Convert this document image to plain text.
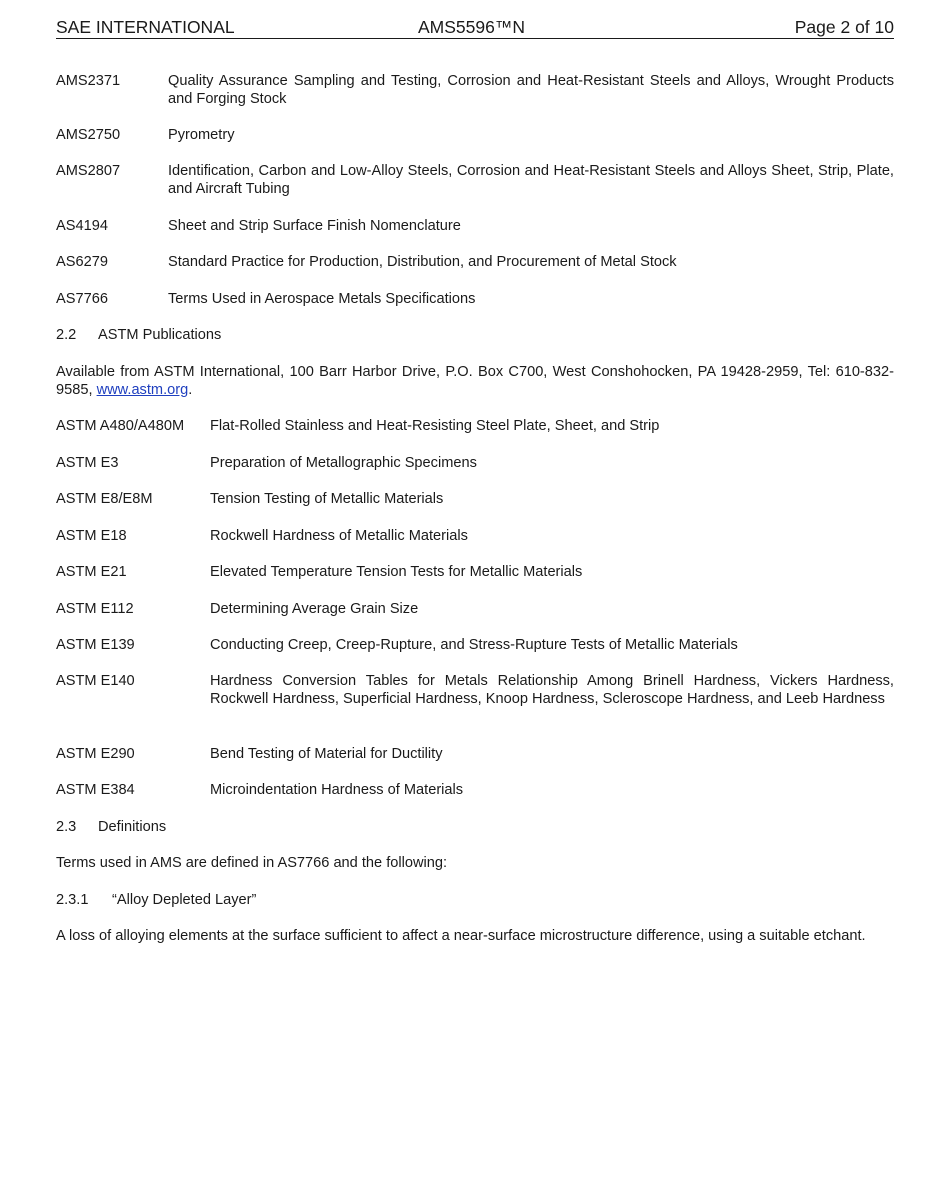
SAE INTERNATIONAL	AMS5596™N	Page 2 of 10
AMS2371	Quality Assurance Sampling and Testing, Corrosion and Heat-Resistant Steels and Alloys, Wrought Products and Forging Stock
AMS2750	Pyrometry
AMS2807	Identification, Carbon and Low-Alloy Steels, Corrosion and Heat-Resistant Steels and Alloys Sheet, Strip, Plate, and Aircraft Tubing
AS4194	Sheet and Strip Surface Finish Nomenclature
AS6279	Standard Practice for Production, Distribution, and Procurement of Metal Stock
AS7766	Terms Used in Aerospace Metals Specifications
2.2 ASTM Publications
Available from ASTM International, 100 Barr Harbor Drive, P.O. Box C700, West Conshohocken, PA 19428-2959, Tel: 610-832-9585, www.astm.org.
ASTM A480/A480M Flat-Rolled Stainless and Heat-Resisting Steel Plate, Sheet, and Strip
ASTM E3	Preparation of Metallographic Specimens
ASTM E8/E8M	Tension Testing of Metallic Materials
ASTM E18	Rockwell Hardness of Metallic Materials
ASTM E21	Elevated Temperature Tension Tests for Metallic Materials
ASTM E112	Determining Average Grain Size
ASTM E139	Conducting Creep, Creep-Rupture, and Stress-Rupture Tests of Metallic Materials
ASTM E140	Hardness Conversion Tables for Metals Relationship Among Brinell Hardness, Vickers Hardness, Rockwell Hardness, Superficial Hardness, Knoop Hardness, Scleroscope Hardness, and Leeb Hardness
ASTM E290	Bend Testing of Material for Ductility
ASTM E384	Microindentation Hardness of Materials
2.3 Definitions
Terms used in AMS are defined in AS7766 and the following:
2.3.1 “Alloy Depleted Layer”
A loss of alloying elements at the surface sufficient to affect a near-surface microstructure difference, using a suitable etchant.
